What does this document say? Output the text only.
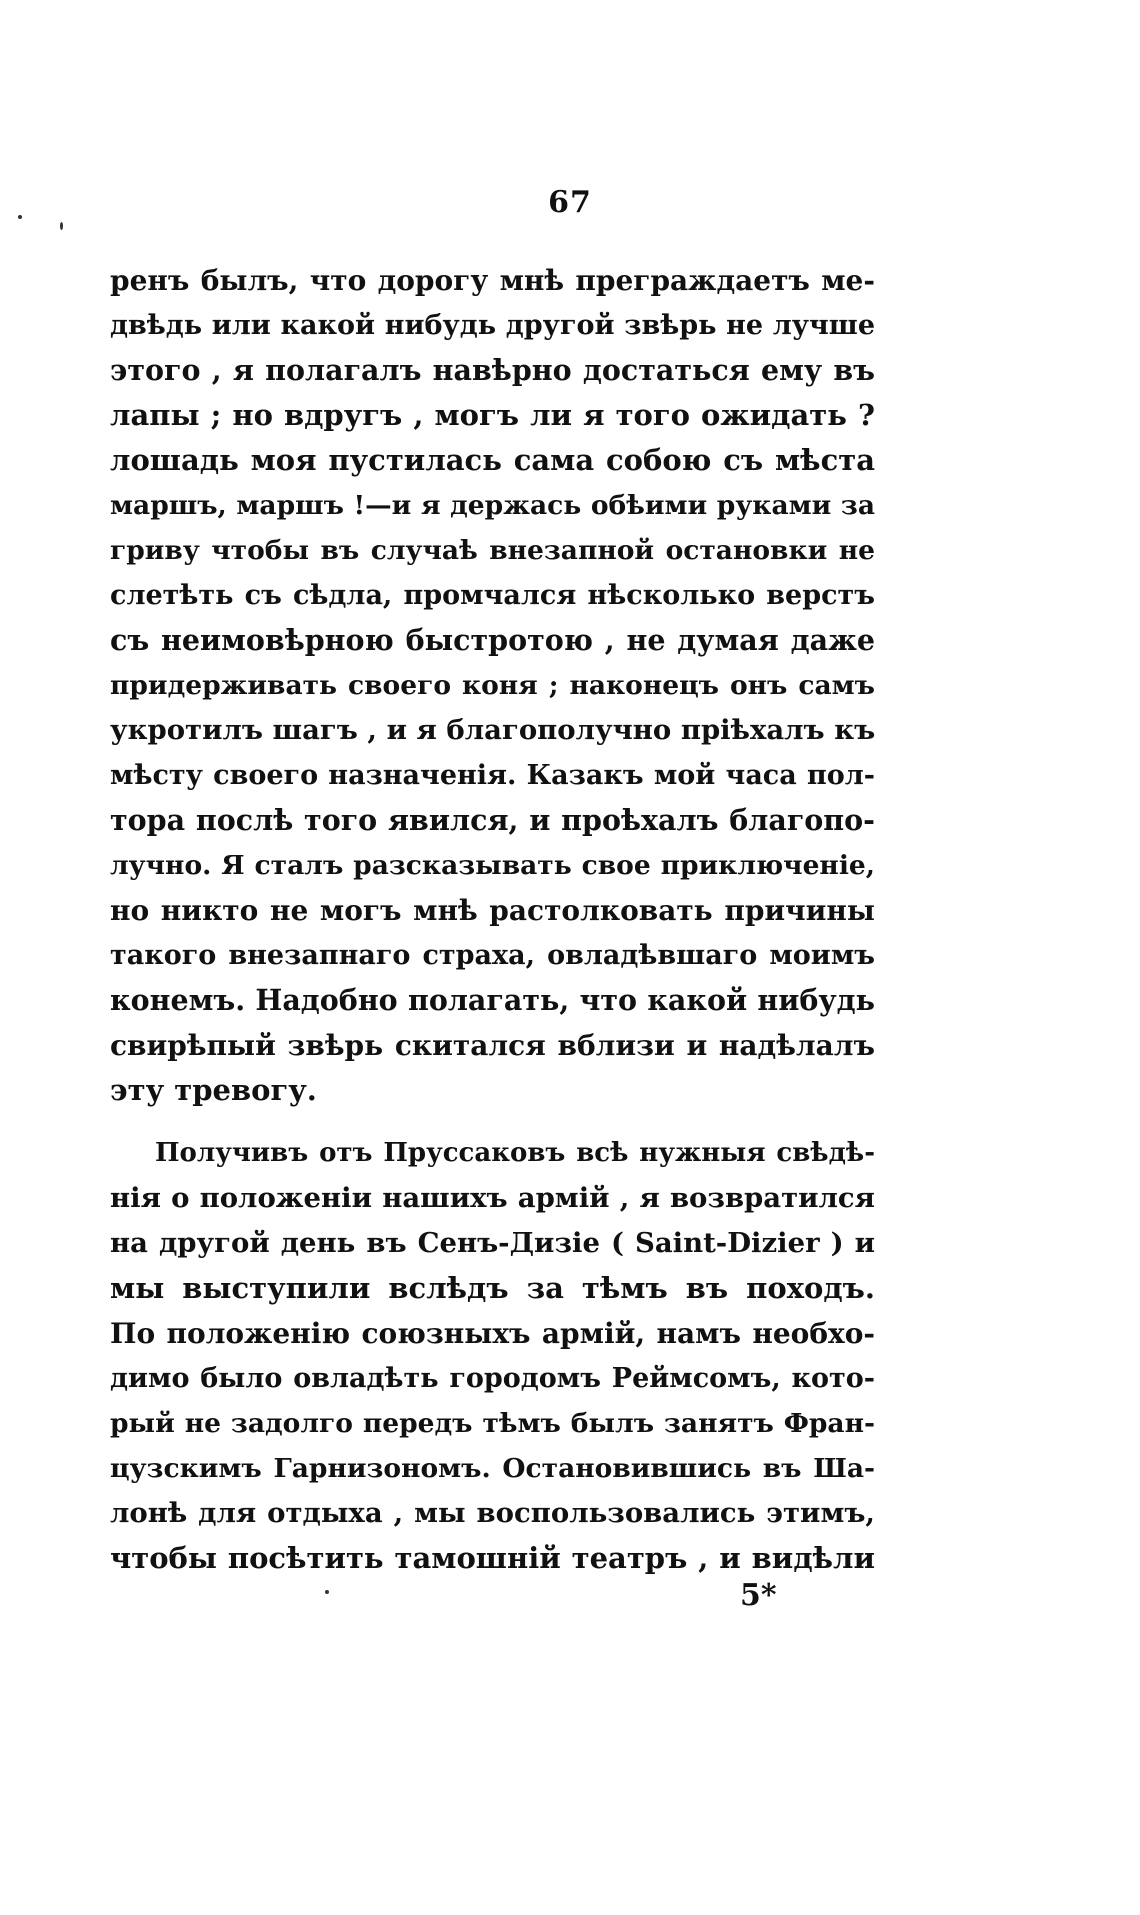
67
ренъ былъ, что дорогу мнѣ преграждаетъ ме-
двѣдь или какой нибудь другой звѣрь не лучше
этого , я полагалъ навѣрно достаться ему въ
лапы ; но вдругъ , могъ ли я того ожидать ?
лошадь моя пустилась сама собою съ мѣста
маршъ, маршъ !—и я держась обѣими руками за
гриву чтобы въ случаѣ внезапной остановки не
слетѣть съ сѣдла, промчался нѣсколько верстъ
съ неимовѣрною быстротою , не думая даже
придерживать своего коня ; наконецъ онъ самъ
укротилъ шагъ , и я благополучно пріѣхалъ къ
мѣсту своего назначенія. Казакъ мой часа пол-
тора послѣ того явился, и проѣхалъ благопо-
лучно. Я сталъ разсказывать свое приключеніе,
но никто не могъ мнѣ растолковать причины
такого внезапнаго страха, овладѣвшаго моимъ
конемъ. Надобно полагать, что какой нибудь
свирѣпый звѣрь скитался вблизи и надѣлалъ
эту тревогу.
Получивъ отъ Пруссаковъ всѣ нужныя свѣдѣ-
нія о положеніи нашихъ армій , я возвратился
на другой день въ Сенъ-Дизіе ( Saint-Dizier ) и
мы выступили вслѣдъ за тѣмъ въ походъ.
По положенію союзныхъ армій, намъ необхо-
димо было овладѣть городомъ Реймсомъ, кото-
рый не задолго передъ тѣмъ былъ занятъ Фран-
цузскимъ Гарнизономъ. Остановившись въ Ша-
лонѣ для отдыха , мы воспользовались этимъ,
чтобы посѣтить тамошній театръ , и видѣли
5*
